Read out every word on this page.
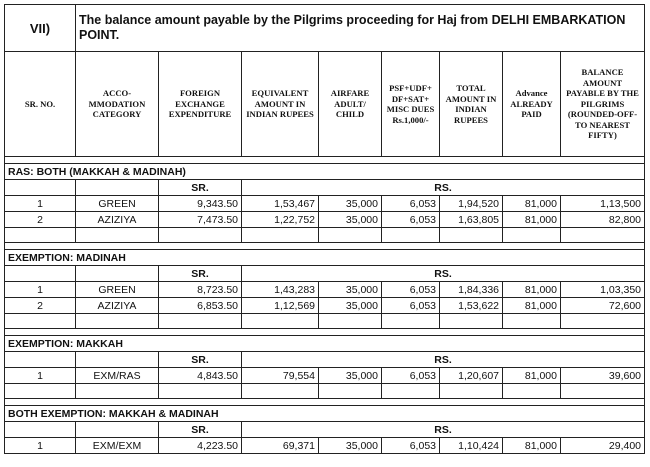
VII)	The balance amount payable by the Pilgrims proceeding for Haj from DELHI EMBARKATION POINT.							
SR. NO.	ACCO-MMODATION CATEGORY	FOREIGN EXCHANGE EXPENDITURE	EQUIVALENT AMOUNT IN INDIAN RUPEES	AIRFARE ADULT/ CHILD	PSF+UDF+ DF+SAT+ MISC DUES Rs.1,000/-	TOTAL AMOUNT IN INDIAN RUPEES	Advance ALREADY PAID	BALANCE AMOUNT PAYABLE BY THE PILGRIMS (ROUNDED-OFF-TO NEAREST FIFTY)

RAS: BOTH (MAKKAH & MADINAH)								
		SR.	RS.					
1	GREEN	9,343.50	1,53,467	35,000	6,053	1,94,520	81,000	1,13,500
2	AZIZIYA	7,473.50	1,22,752	35,000	6,053	1,63,805	81,000	82,800

EXEMPTION: MADINAH								
		SR.	RS.					
1	GREEN	8,723.50	1,43,283	35,000	6,053	1,84,336	81,000	1,03,350
2	AZIZIYA	6,853.50	1,12,569	35,000	6,053	1,53,622	81,000	72,600

EXEMPTION: MAKKAH								
		SR.	RS.					
1	EXM/RAS	4,843.50	79,554	35,000	6,053	1,20,607	81,000	39,600

BOTH EXEMPTION: MAKKAH & MADINAH								
		SR.	RS.					
1	EXM/EXM	4,223.50	69,371	35,000	6,053	1,10,424	81,000	29,400
